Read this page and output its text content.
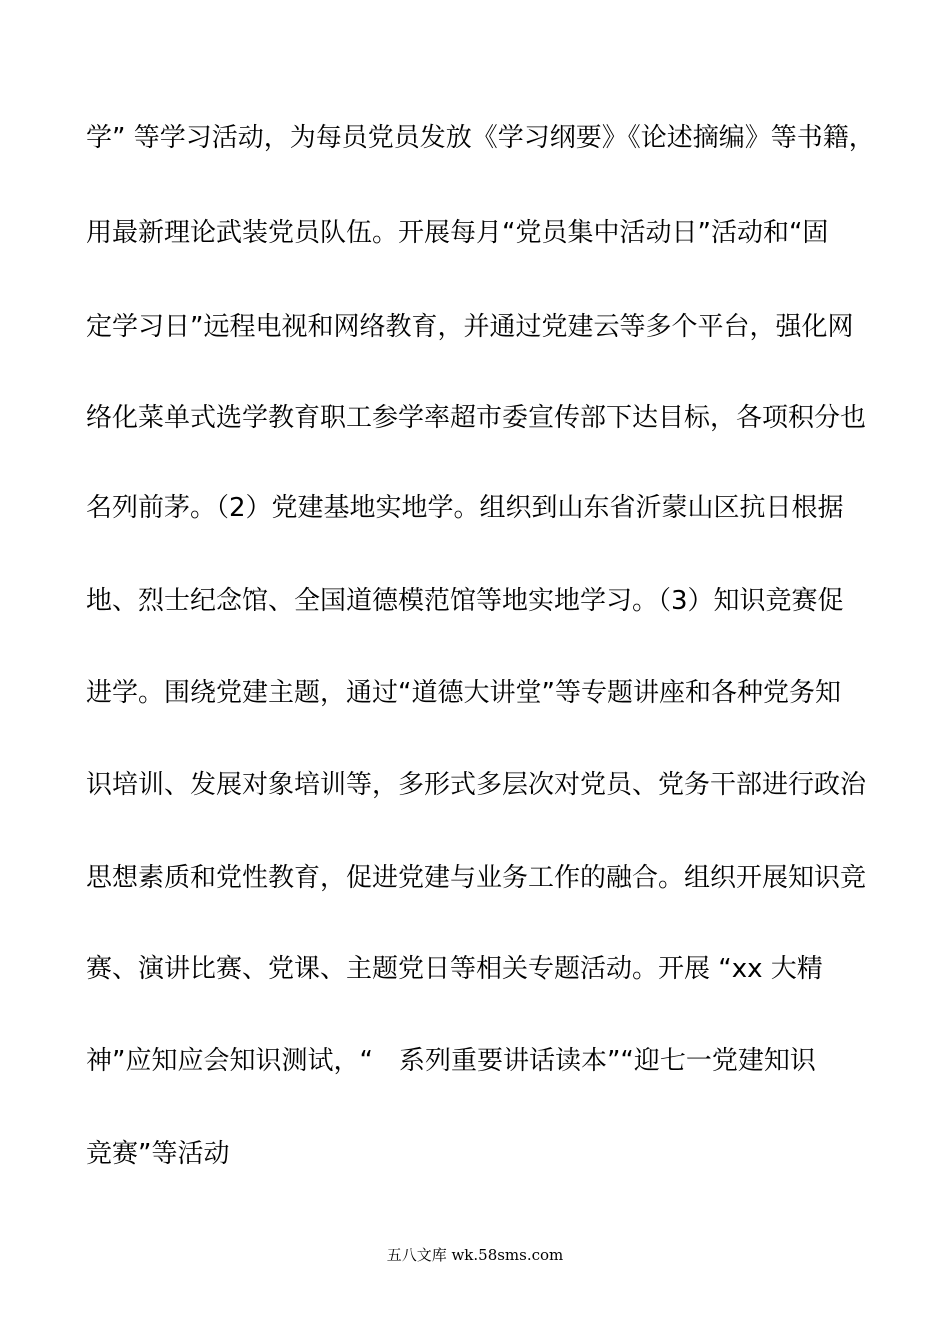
学” 等学习活动，为每员党员发放《学习纲要》《论述摘编》等书籍，
用最新理论武装党员队伍。开展每月“党员集中活动日”活动和“固
定学习日”远程电视和网络教育，并通过党建云等多个平台，强化网
络化菜单式选学教育职工参学率超市委宣传部下达目标，各项积分也
名列前茅。（2）党建基地实地学。组织到山东省沂蒙山区抗日根据
地、烈士纪念馆、全国道德模范馆等地实地学习。（3）知识竞赛促
进学。围绕党建主题，通过“道德大讲堂”等专题讲座和各种党务知
识培训、发展对象培训等，多形式多层次对党员、党务干部进行政治
思想素质和党性教育，促进党建与业务工作的融合。组织开展知识竞
赛、演讲比赛、党课、主题党日等相关专题活动。开展 “xx 大精
神”应知应会知识测试，“　系列重要讲话读本”“迎七一党建知识
竞赛”等活动
五八文库 wk.58sms.com
